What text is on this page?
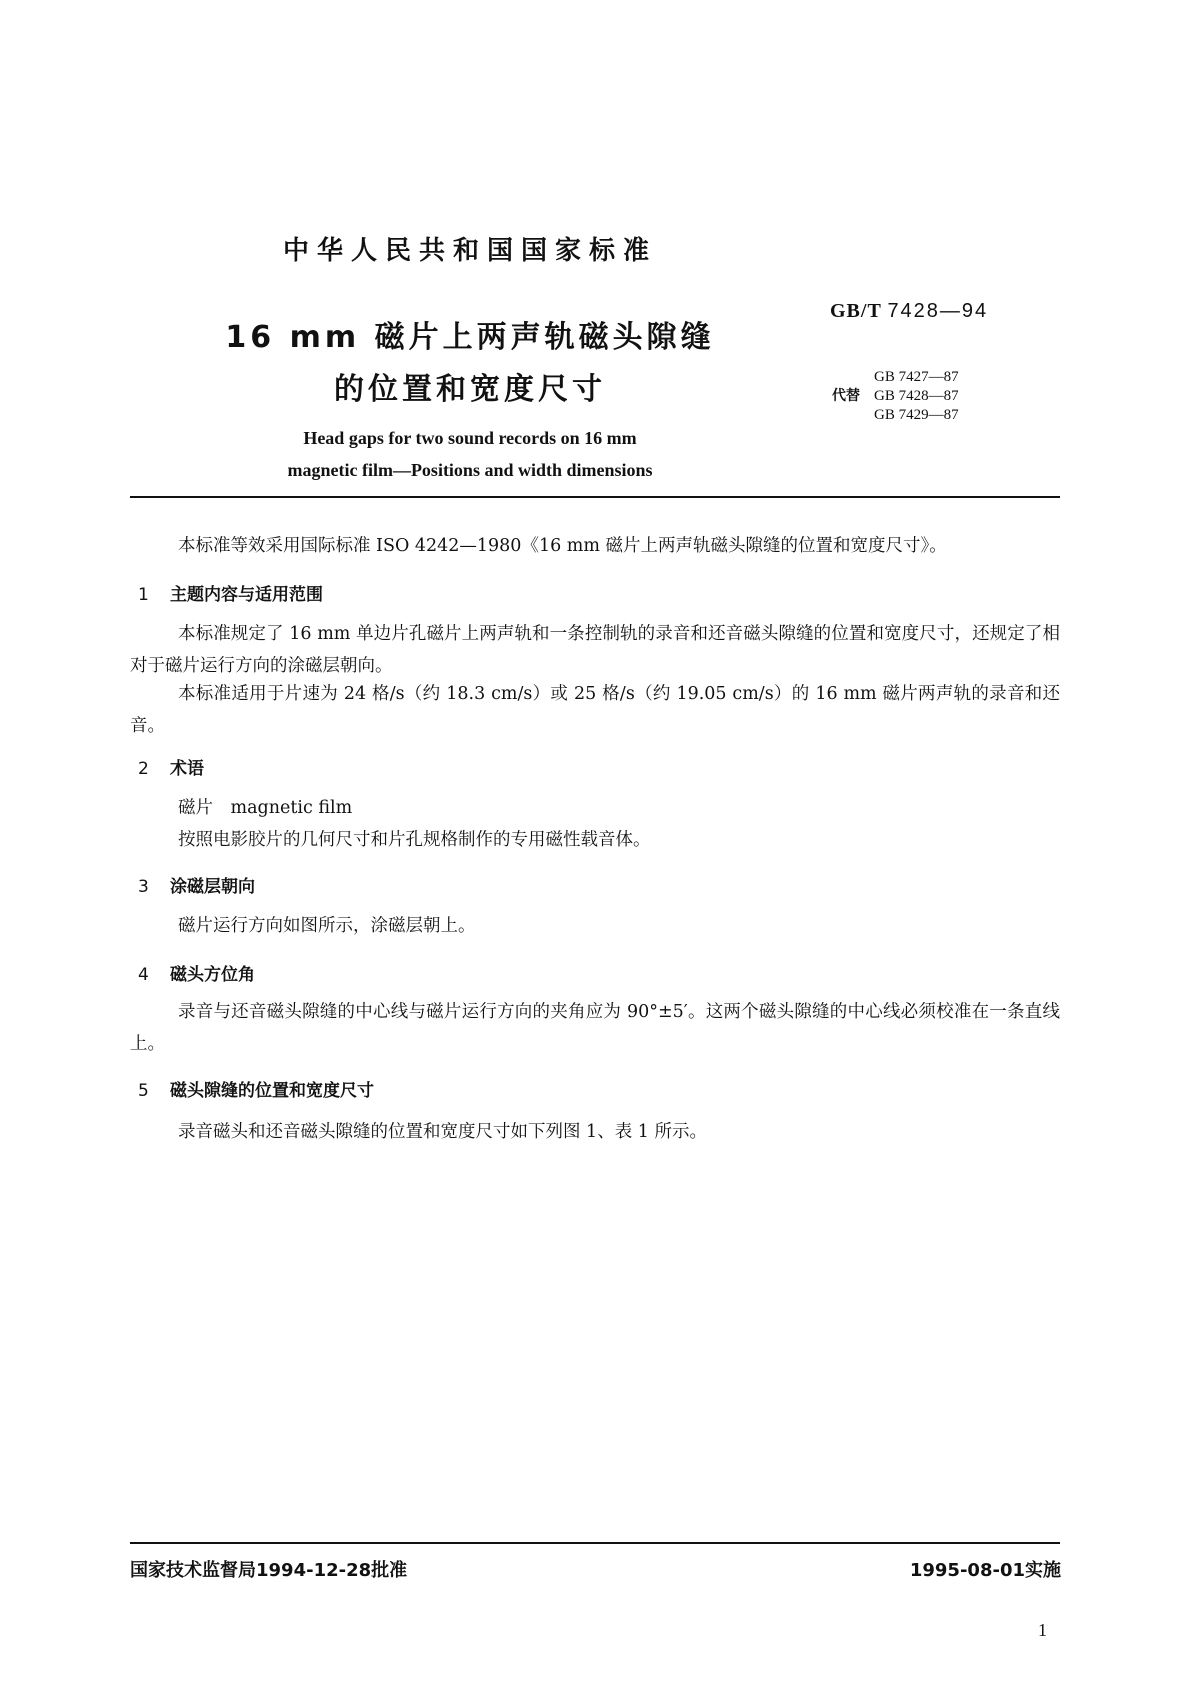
中华人民共和国国家标准
16 mm 磁片上两声轨磁头隙缝
的位置和宽度尺寸
Head gaps for two sound records on 16 mm
magnetic film—Positions and width dimensions
GB/T 7428—94
代替
GB 7427—87
GB 7428—87
GB 7429—87
本标准等效采用国际标准 ISO 4242—1980《16 mm 磁片上两声轨磁头隙缝的位置和宽度尺寸》。
1 主题内容与适用范围
本标准规定了 16 mm 单边片孔磁片上两声轨和一条控制轨的录音和还音磁头隙缝的位置和宽度尺寸，还规定了相对于磁片运行方向的涂磁层朝向。
本标准适用于片速为 24 格/s（约 18.3 cm/s）或 25 格/s（约 19.05 cm/s）的 16 mm 磁片两声轨的录音和还音。
2 术语
磁片　magnetic film
按照电影胶片的几何尺寸和片孔规格制作的专用磁性载音体。
3 涂磁层朝向
磁片运行方向如图所示，涂磁层朝上。
4 磁头方位角
录音与还音磁头隙缝的中心线与磁片运行方向的夹角应为 90°±5′。这两个磁头隙缝的中心线必须校准在一条直线上。
5 磁头隙缝的位置和宽度尺寸
录音磁头和还音磁头隙缝的位置和宽度尺寸如下列图 1、表 1 所示。
国家技术监督局1994-12-28批准	1995-08-01实施
1
